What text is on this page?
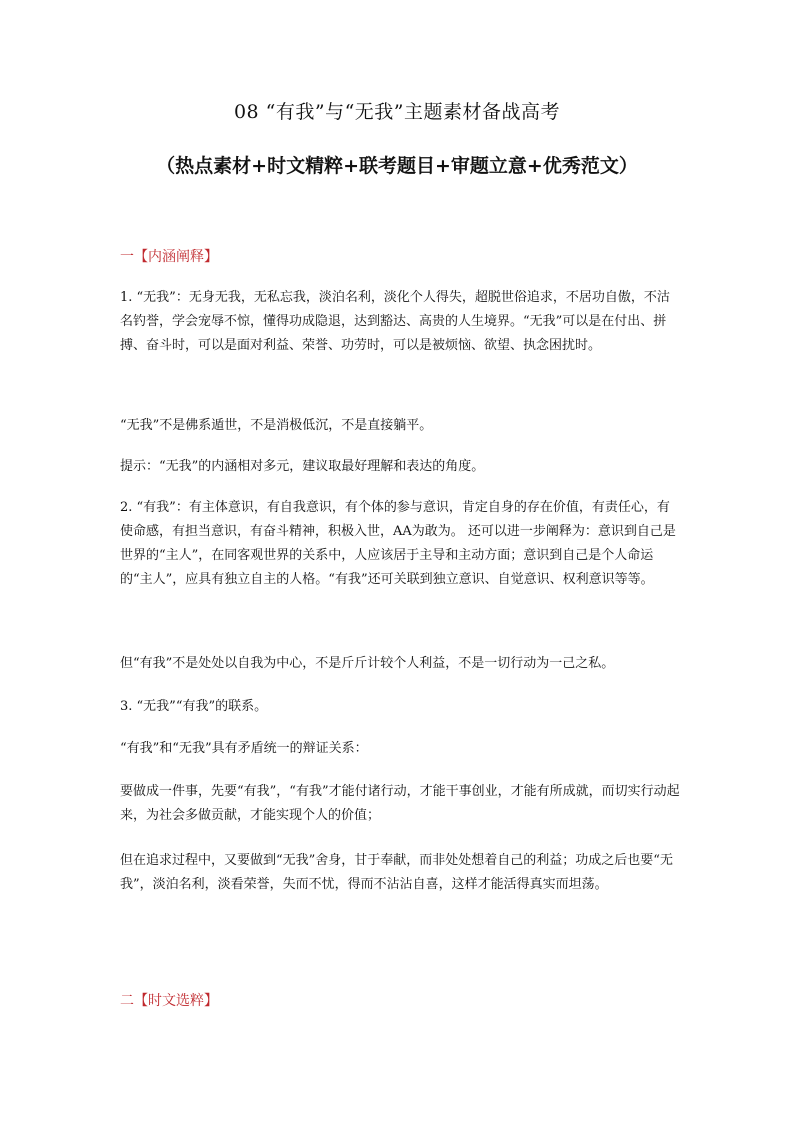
08 “有我”与“无我”主题素材备战高考
（热点素材+时文精粹+联考题目+审题立意+优秀范文）
一【内涵阐释】

1. “无我”：无身无我，无私忘我，淡泊名利，淡化个人得失，超脱世俗追求，不居功自傲，不沽名钓誉，学会宠辱不惊，懂得功成隐退，达到豁达、高贵的人生境界。“无我”可以是在付出、拼搏、奋斗时，可以是面对利益、荣誉、功劳时，可以是被烦恼、欲望、执念困扰时。

“无我”不是佛系遁世，不是消极低沉，不是直接躺平。

提示：“无我”的内涵相对多元，建议取最好理解和表达的角度。

2. “有我”：有主体意识，有自我意识，有个体的参与意识，肯定自身的存在价值，有责任心，有使命感，有担当意识，有奋斗精神，积极入世，AA为敢为。 还可以进一步阐释为：意识到自己是世界的“主人”，在同客观世界的关系中，人应该居于主导和主动方面；意识到自己是个人命运的“主人”，应具有独立自主的人格。“有我”还可关联到独立意识、自觉意识、权利意识等等。

但“有我”不是处处以自我为中心，不是斤斤计较个人利益，不是一切行动为一己之私。

3. “无我”“有我”的联系。

“有我”和“无我”具有矛盾统一的辩证关系：

要做成一件事，先要“有我”，“有我”才能付诸行动，才能干事创业，才能有所成就，而切实行动起来，为社会多做贡献，才能实现个人的价值；

但在追求过程中，又要做到“无我”舍身，甘于奉献，而非处处想着自己的利益；功成之后也要“无我”，淡泊名利，淡看荣誉，失而不忧，得而不沾沾自喜，这样才能活得真实而坦荡。

二【时文选粹】
